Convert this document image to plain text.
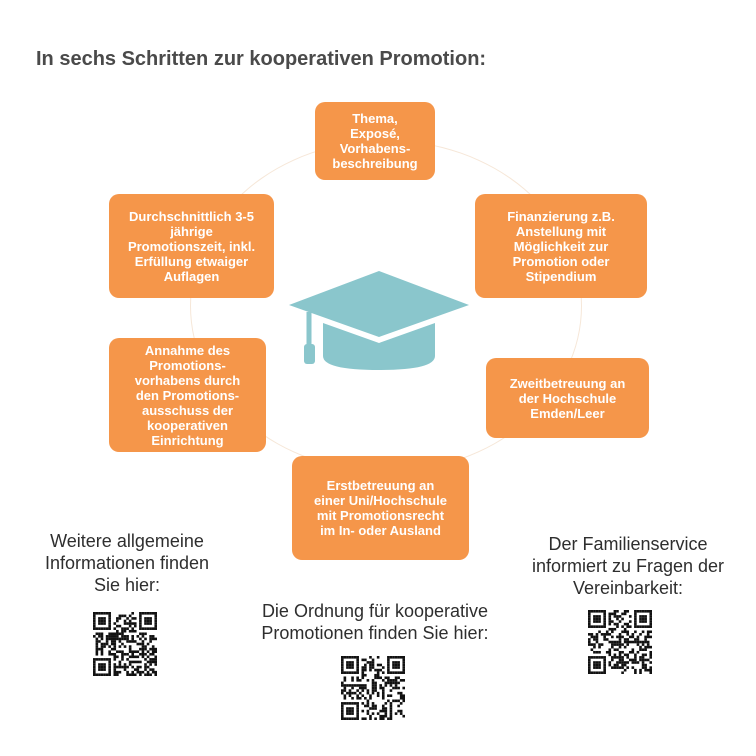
In sechs Schritten zur kooperativen Promotion:
Thema,
Exposé,
Vorhabens-
beschreibung
Finanzierung z.B.
Anstellung mit
Möglichkeit zur
Promotion oder
Stipendium
Zweitbetreuung an
der Hochschule
Emden/Leer
Erstbetreuung an
einer Uni/Hochschule
mit Promotionsrecht
im In- oder Ausland
Annahme des
Promotions-
vorhabens durch
den Promotions-
ausschuss der
kooperativen
Einrichtung
Durchschnittlich 3-5
jährige
Promotionszeit, inkl.
Erfüllung etwaiger
Auflagen
Weitere allgemeine
Informationen finden
Sie hier:
Die Ordnung für kooperative
Promotionen finden Sie hier:
Der Familienservice
informiert zu Fragen der
Vereinbarkeit:
